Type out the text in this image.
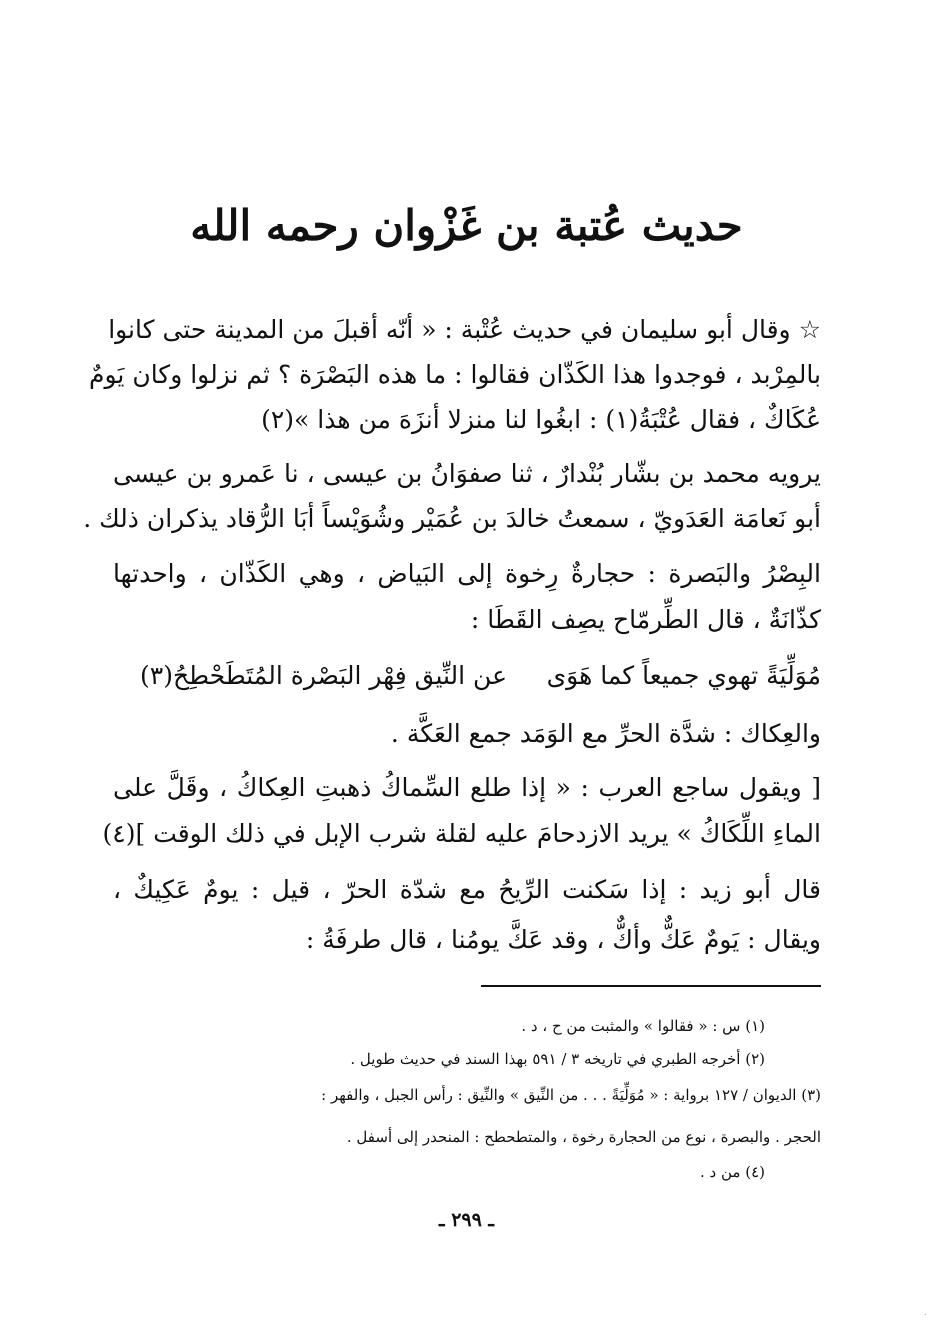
حديث عُتبة بن غَزْوان رحمه الله
☆ وقال أبو سليمان في حديث عُتْبة : « أنّه أقبلَ من المدينة حتى كانوا
بالمِرْبد ، فوجدوا هذا الكَذّان فقالوا : ما هذه البَصْرَة ؟ ثم نزلوا وكان يَومٌ
عُكَاكٌ ، فقال عُتْبَةُ(١) : ابغُوا لنا منزلا أنزَهَ من هذا »(٢)
يرويه محمد بن بشّار بُنْدارٌ ، ثنا صفوَانُ بن عيسى ، نا عَمرو بن عيسى
أبو نَعامَة العَدَويّ ، سمعتُ خالدَ بن عُمَيْر وشُوَيْساً أبَا الرُّقاد يذكران ذلك .
البِصْرُ والبَصرة : حجارةٌ رِخوة إلى البَياض ، وهي الكَذّان ، واحدتها
كذّانَةٌ ، قال الطِّرمّاح يصِف القَطَا :
مُوَلِّيَةً تهوي جميعاً كما هَوَى
عن النِّيق فِهْر البَصْرة المُتَطَحْطِحُ(٣)
والعِكاك : شدَّة الحرِّ مع الوَمَد جمع العَكَّة .
[ ويقول ساجع العرب : « إذا طلع السِّماكُ ذهبتِ العِكاكُ ، وقَلَّ على
الماءِ اللِّكَاكُ » يريد الازدحامَ عليه لقلة شرب الإبل في ذلك الوقت ](٤)
قال أبو زيد : إذا سَكنت الرِّيحُ مع شدّة الحرّ ، قيل : يومٌ عَكِيكٌ ،
ويقال : يَومٌ عَكٌّ وأكٌّ ، وقد عَكَّ يومُنا ، قال طرفَةُ :
(١) س : « فقالوا » والمثبت من ح ، د .
(٢) أخرجه الطبري في تاريخه ٣ / ٥٩١ بهذا السند في حديث طويل .
(٣) الديوان / ١٢٧ برواية : « مُوَلِّيَةً . . . من النِّيق » والنِّيق : رأس الجبل ، والفهر :
الحجر . والبصرة ، نوع من الحجارة رخوة ، والمتطحطح : المنحدر إلى أسفل .
(٤) من د .
ـ ٢٩٩ ـ
.
